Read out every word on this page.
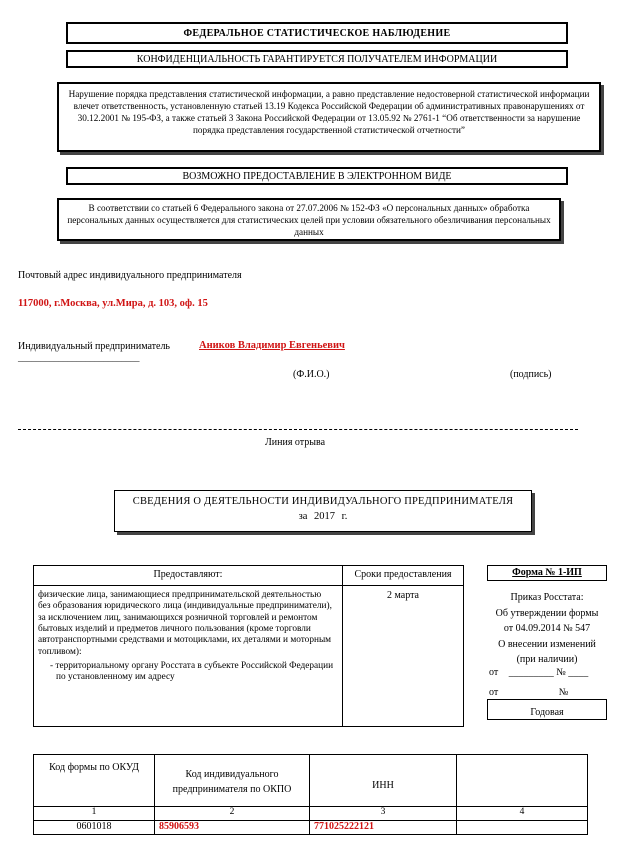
ФЕДЕРАЛЬНОЕ СТАТИСТИЧЕСКОЕ НАБЛЮДЕНИЕ
КОНФИДЕНЦИАЛЬНОСТЬ ГАРАНТИРУЕТСЯ ПОЛУЧАТЕЛЕМ ИНФОРМАЦИИ
Нарушение порядка представления статистической информации, а равно представление недостоверной статистической информации влечет ответственность, установленную статьей 13.19 Кодекса Российской Федерации об административных правонарушениях от 30.12.2001 № 195-ФЗ, а также статьей 3 Закона Российской Федерации от 13.05.92 № 2761-1 “Об ответственности за нарушение порядка представления государственной статистической отчетности”
ВОЗМОЖНО ПРЕДОСТАВЛЕНИЕ В ЭЛЕКТРОННОМ ВИДЕ
В соответствии со статьей 6 Федерального закона от 27.07.2006 № 152-ФЗ «О персональных данных» обработка персональных данных осуществляется для статистических целей при условии обязательного обезличивания персональных данных
Почтовый адрес индивидуального предпринимателя
117000, г.Москва, ул.Мира, д. 103, оф. 15
Индивидуальный предприниматель	Аников Владимир Евгеньевич
___________________________
(Ф.И.О.)	(подпись)
Линия отрыва
СВЕДЕНИЯ О ДЕЯТЕЛЬНОСТИ ИНДИВИДУАЛЬНОГО ПРЕДПРИНИМАТЕЛЯ
за 2017 г.
Предоставляют:	Сроки предоставления

физические лица, занимающиеся предпринимательской деятельностью без образования юридического лица (индивидуальные предприниматели), за исключением лиц, занимающихся розничной торговлей и ремонтом бытовых изделий и предметов личного пользования (кроме торговли автотранспортными средствами и мотоциклами, их деталями и моторным топливом):
- территориальному органу Росстата в субъекте Российской Федерации по установленному им адресу	2 марта
Форма № 1-ИП
Приказ Росстата:
Об утверждении формы
от 04.09.2014 № 547
О внесении изменений
(при наличии)
от _________ № ____
от	№
Годовая
Код формы по ОКУД	Код индивидуального предпринимателя по ОКПО	ИНН	
1	2	3	4
0601018	85906593	771025222121	
